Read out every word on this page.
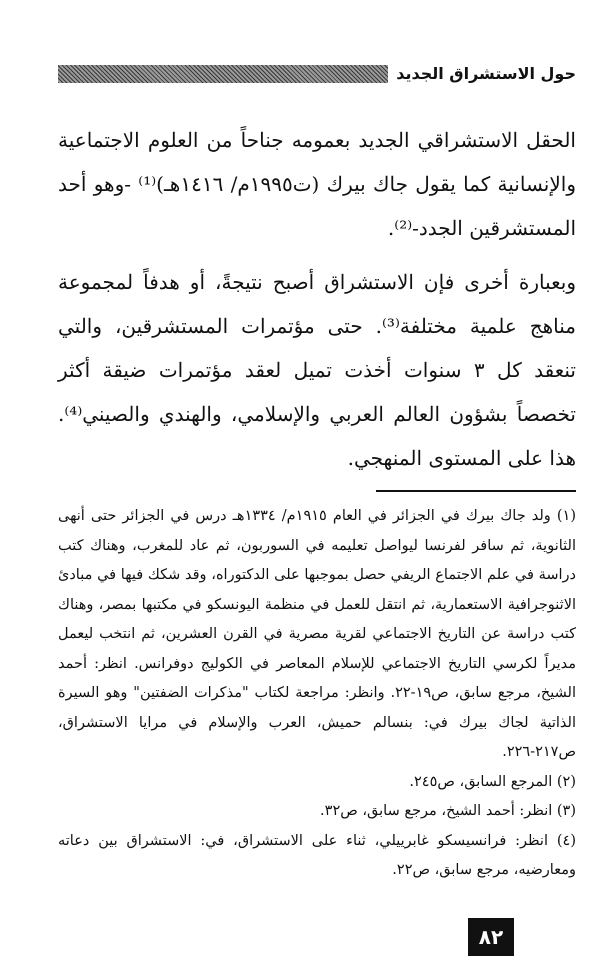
حول الاستشراق الجديد

الحقل الاستشراقي الجديد بعمومه جناحاً من العلوم الاجتماعية والإنسانية كما يقول جاك بيرك (ت١٩٩٥م/ ١٤١٦هـ)⁽¹⁾ -وهو أحد المستشرقين الجدد-⁽²⁾.

وبعبارة أخرى فإن الاستشراق أصبح نتيجةً، أو هدفاً لمجموعة مناهج علمية مختلفة⁽³⁾. حتى مؤتمرات المستشرقين، والتي تنعقد كل ٣ سنوات أخذت تميل لعقد مؤتمرات ضيقة أكثر تخصصاً بشؤون العالم العربي والإسلامي، والهندي والصيني⁽⁴⁾. هذا على المستوى المنهجي.

(١) ولد جاك بيرك في الجزائر في العام ١٩١٥م/ ١٣٣٤هـ درس في الجزائر حتى أنهى الثانوية، ثم سافر لفرنسا ليواصل تعليمه في السوربون، ثم عاد للمغرب، وهناك كتب دراسة في علم الاجتماع الريفي حصل بموجبها على الدكتوراه، وقد شكك فيها في مبادئ الاثنوجرافية الاستعمارية، ثم انتقل للعمل في منظمة اليونسكو في مكتبها بمصر، وهناك كتب دراسة عن التاريخ الاجتماعي لقرية مصرية في القرن العشرين، ثم انتخب ليعمل مديراً لكرسي التاريخ الاجتماعي للإسلام المعاصر في الكوليج دوفرانس. انظر: أحمد الشيخ، مرجع سابق، ص١٩-٢٢. وانظر: مراجعة لكتاب "مذكرات الضفتين" وهو السيرة الذاتية لجاك بيرك في: بنسالم حميش، العرب والإسلام في مرايا الاستشراق، ص٢١٧-٢٢٦.

(٢) المرجع السابق، ص٢٤٥.

(٣) انظر: أحمد الشيخ، مرجع سابق، ص٣٢.

(٤) انظر: فرانسيسكو غابرييلي، ثناء على الاستشراق، في: الاستشراق بين دعاته ومعارضيه، مرجع سابق، ص٢٢.

٨٢
